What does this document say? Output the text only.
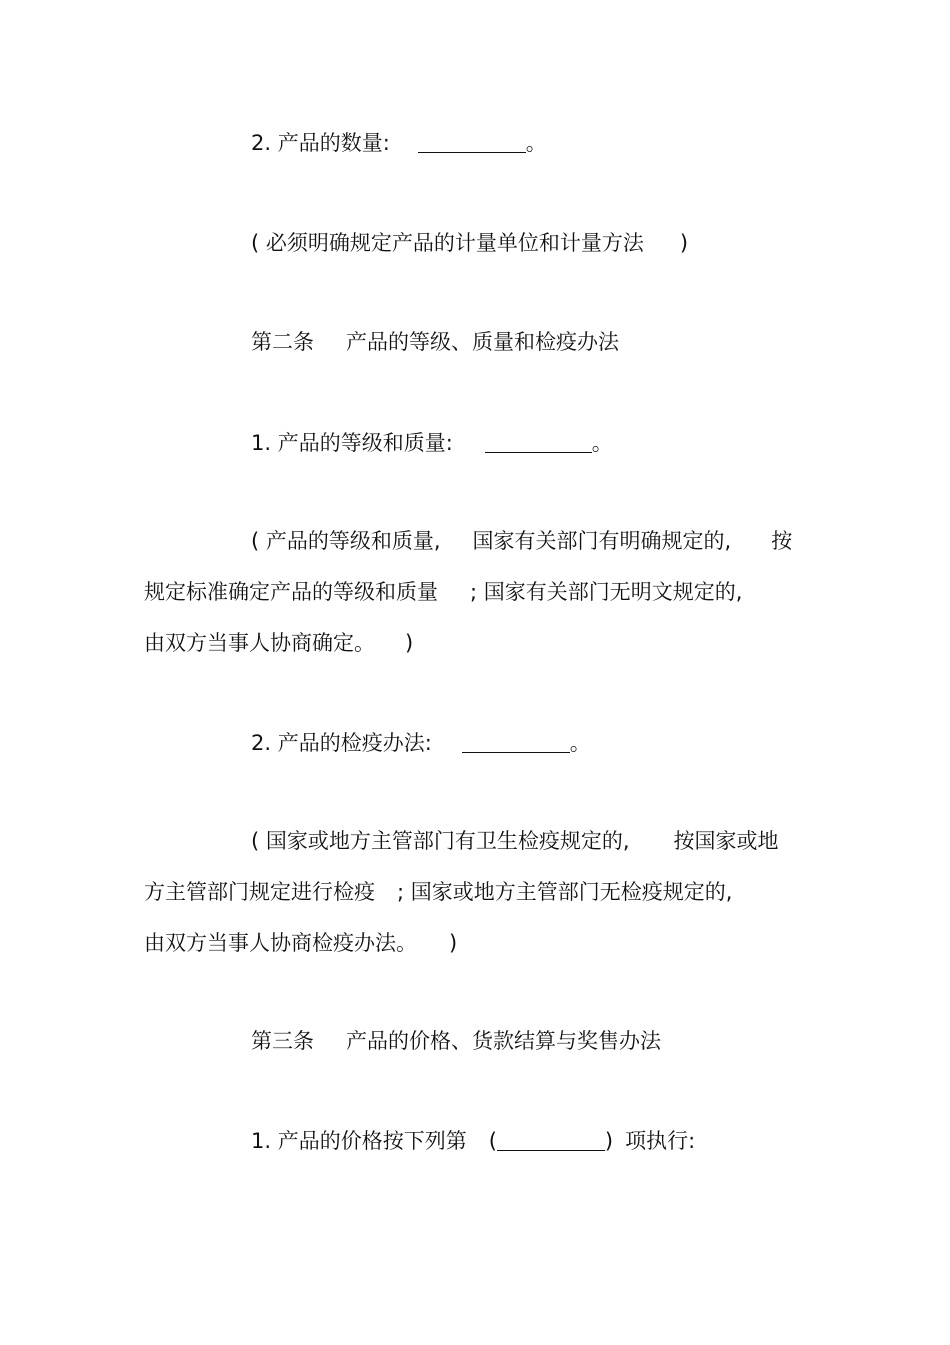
2. 产品的数量:	。
( 必须明确规定产品的计量单位和计量方法 )
第二条 产品的等级、质量和检疫办法
1. 产品的等级和质量:	。
( 产品的等级和质量, 国家有关部门有明确规定的, 按
规定标准确定产品的等级和质量 ; 国家有关部门无明文规定的,
由双方当事人协商确定。 )
2. 产品的检疫办法:	。
( 国家或地方主管部门有卫生检疫规定的, 按国家或地
方主管部门规定进行检疫 ; 国家或地方主管部门无检疫规定的,
由双方当事人协商检疫办法。 )
第三条 产品的价格、货款结算与奖售办法
1. 产品的价格按下列第 (	) 项执行:
